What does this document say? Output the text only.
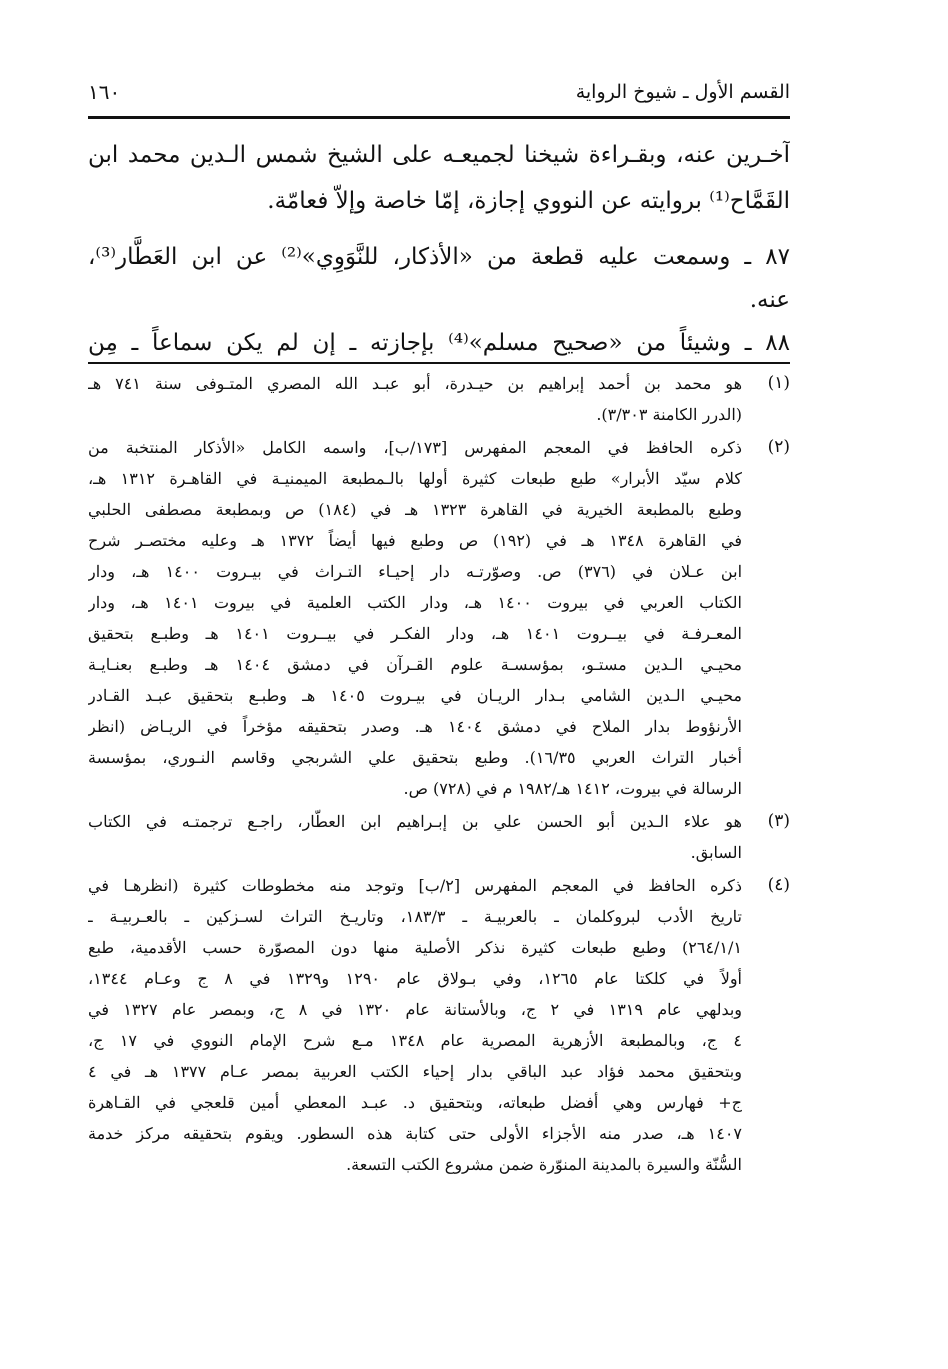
١٦٠	القسم الأول ـ شيوخ الرواية
آخـرين عنه، وبقـراءة شيخنا لجميعـه على الشيخ شمس الـدين محمد ابن
القَمَّاح⁽¹⁾ بروايته عن النووي إجازة، إمّا خاصة وإلاّ فعامّة.
٨٧ ـ وسمعت عليه قطعة من «الأذكار، للنَّوَوِي»⁽²⁾ عن ابن العَطَّار⁽³⁾،
عنه.
٨٨ ـ وشيئاً من «صحيح مسلم»⁽⁴⁾ بإجازته ـ إن لم يكن سماعاً ـ مِن
(١)
هو محمد بن أحمد إبراهيم بن حيـدرة، أبو عبـد الله المصري المتـوفى سنة ٧٤١ هـ
(الدرر الكامنة ٣/٣٠٣).
(٢)
ذكره الحافظ في المعجم المفهرس [١٧٣/ب]، واسمه الكامل «الأذكار المنتخبة من
كلام سيّد الأبرار» طبع طبعات كثيرة أولها بالـمطبعة الميمنيـة في القاهـرة ١٣١٢ هـ،
وطبع بالمطبعة الخيرية في القاهرة ١٣٢٣ هـ في (١٨٤) ص وبمطبعة مصطفى الحلبي
في القاهرة ١٣٤٨ هـ في (١٩٢) ص وطبع فيها أيضاً ١٣٧٢ هـ وعليه مختصـر شرح
ابن عـلان في (٣٧٦) ص. وصوّرتـه دار إحيـاء التـراث في بيـروت ١٤٠٠ هـ، ودار
الكتاب العربي في بيروت ١٤٠٠ هـ، ودار الكتب العلمية في بيروت ١٤٠١ هـ، ودار
المعـرفـة في بيــروت ١٤٠١ هـ، ودار الفكـر في بيــروت ١٤٠١ هـ وطبـع بتحقيق
محيـي الـدين مستـو، بمؤسسـة علوم القـرآن في دمشق ١٤٠٤ هـ وطبـع بعنـايـة
محيـي الـدين الشامي بـدار الريـان في بيـروت ١٤٠٥ هـ وطبـع بتحقيق عبـد القـادر
الأرنؤوط بدار الملاح في دمشق ١٤٠٤ هـ. وصدر بتحقيقه مؤخراً في الريـاض (انظر
أخبار التراث العربي ١٦/٣٥). وطبع بتحقيق علي الشربجي وقاسم النـوري، بمؤسسة
الرسالة في بيروت، ١٤١٢ هـ/١٩٨٢ م في (٧٢٨) ص.
(٣)
هو علاء الـدين أبو الحسن علي بن إبـراهيم ابن العطّار، راجـع ترجمتـه في الكتاب
السابق.
(٤)
ذكره الحافظ في المعجم المفهرس [٢/ب] وتوجد منه مخطوطات كثيرة (انظرهـا في
تاريخ الأدب لبروكلمان ـ بالعربيـة ـ ١٨٣/٣، وتاريـخ التراث لسـزكين ـ بالعـربيـة ـ
٢٦٤/١/١) وطبع طبعات كثيرة نذكر الأصلية منها دون المصوّرة حسب الأقدمية، طبع
أولاً في كلكتا عام ١٢٦٥، وفي بـولاق عام ١٢٩٠ و١٣٢٩ في ٨ ج وعـام ١٣٤٤،
وبدلهي عام ١٣١٩ في ٢ ج، وبالأستانة عام ١٣٢٠ في ٨ ج، وبمصر عام ١٣٢٧ في
٤ ج، وبالمطبعة الأزهرية المصرية عام ١٣٤٨ مـع شرح الإمام النووي في ١٧ ج،
وبتحقيق محمد فؤاد عبد الباقي بدار إحياء الكتب العربية بمصر عـام ١٣٧٧ هـ في ٤
ج+ فهارس وهي أفضل طبعاته، وبتحقيق د. عبـد المعطي أمين قلعجي في القـاهرة
١٤٠٧ هـ، صدر منه الأجزاء الأولى حتى كتابة هذه السطور. ويقوم بتحقيقه مركز خدمة
السُّنّة والسيرة بالمدينة المنوّرة ضمن مشروع الكتب التسعة.
